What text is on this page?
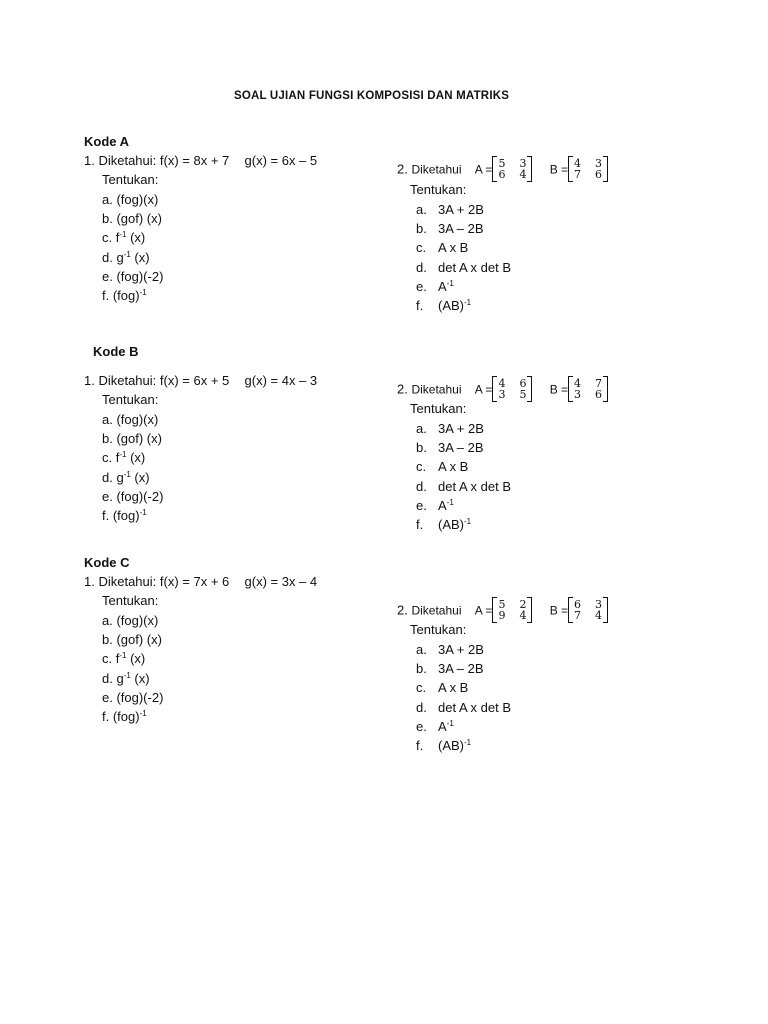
SOAL UJIAN FUNGSI KOMPOSISI DAN MATRIKS
Kode A
1. Diketahui: f(x) = 8x + 7 g(x) = 6x – 5
Tentukan:
a. (fog)(x)
b. (gof) (x)
c. $f^{-1}$ (x)
d. $g^{-1}$ (x)
e. (fog)(-2)
f. (fog)$^{-1}$
2. Diketahui A = 5 3
6 4 B = 4 3
7 6
Tentukan:
a. 3A + 2B
b. 3A – 2B
c. A x B
d. det A x det B
e. $A^{-1}$
f. (AB)$^{-1}$
Kode B
1. Diketahui: f(x) = 6x + 5 g(x) = 4x – 3
Tentukan:
a. (fog)(x)
b. (gof) (x)
c. $f^{-1}$ (x)
d. $g^{-1}$ (x)
e. (fog)(-2)
f. (fog)$^{-1}$
2. Diketahui A = 4 6
3 5 B = 4 7
3 6
Tentukan:
a. 3A + 2B
b. 3A – 2B
c. A x B
d. det A x det B
e. $A^{-1}$
f. (AB)$^{-1}$
Kode C
1. Diketahui: f(x) = 7x + 6 g(x) = 3x – 4
Tentukan:
a. (fog)(x)
b. (gof) (x)
c. $f^{-1}$ (x)
d. $g^{-1}$ (x)
e. (fog)(-2)
f. (fog)$^{-1}$
2. Diketahui A = 5 2
9 4 B = 6 3
7 4
Tentukan:
a. 3A + 2B
b. 3A – 2B
c. A x B
d. det A x det B
e. $A^{-1}$
f. (AB)$^{-1}$
